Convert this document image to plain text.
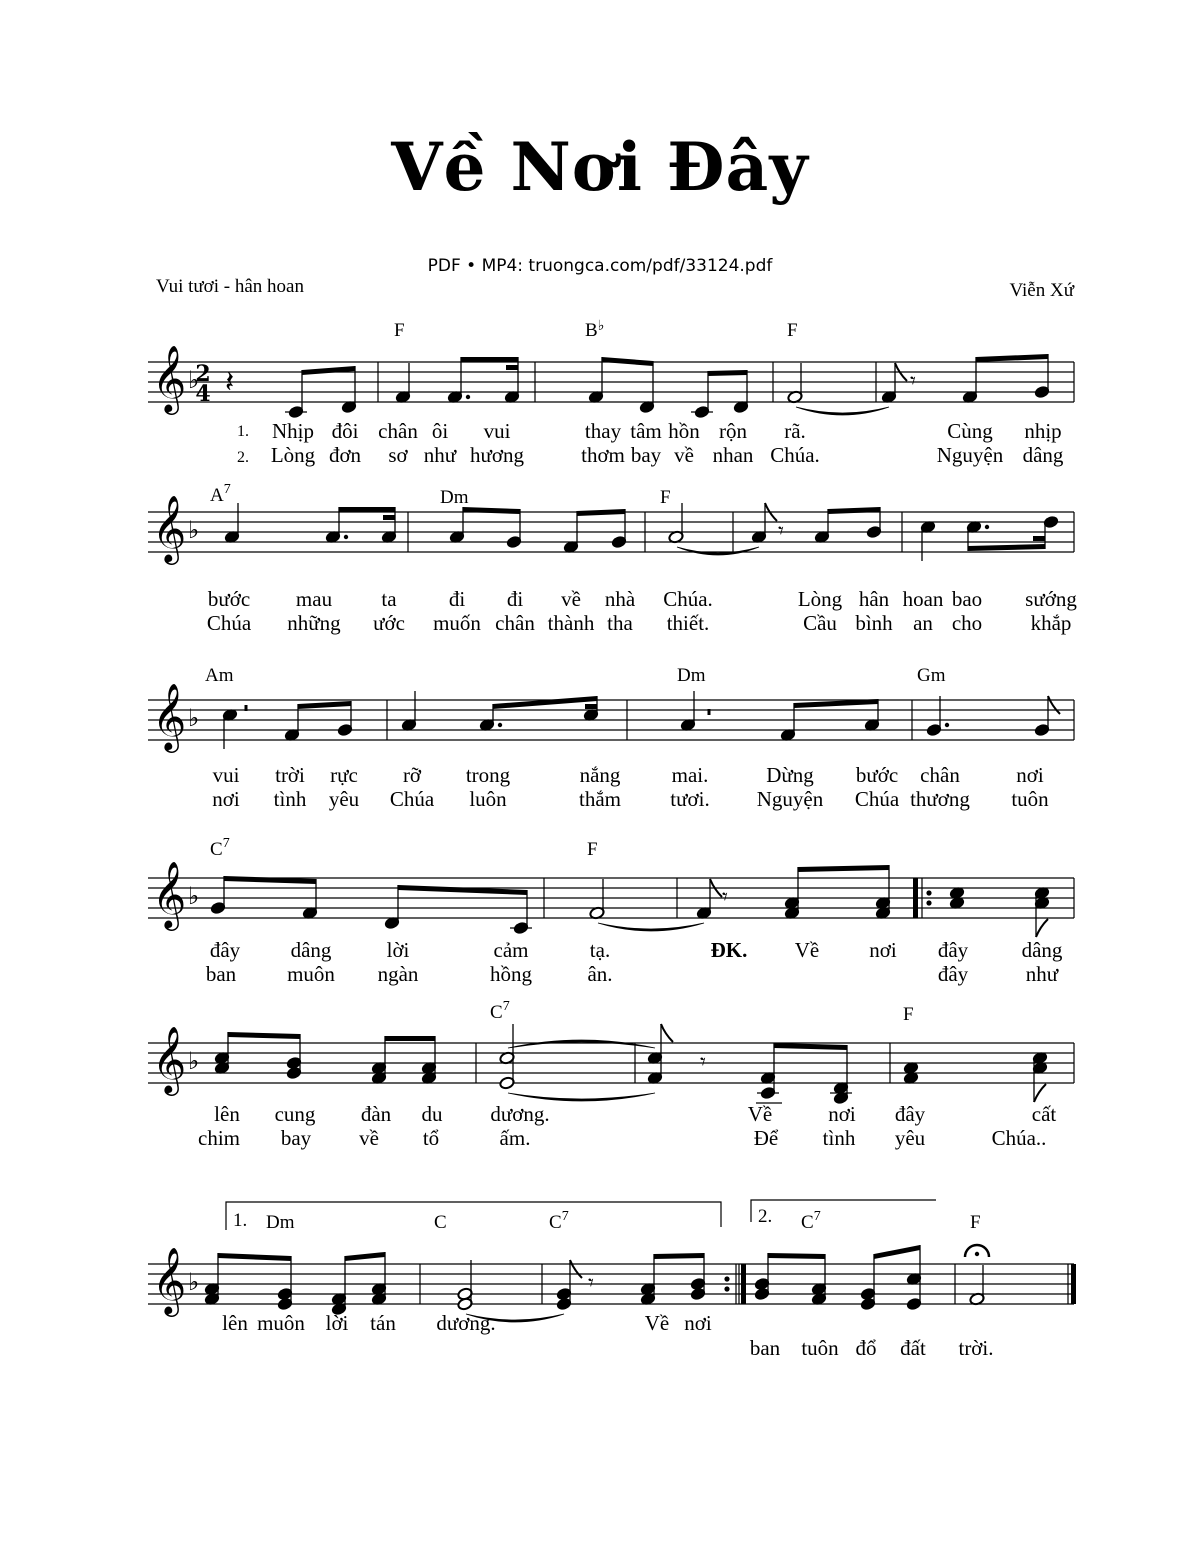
Về Nơi Đây
PDF • MP4: truongca.com/pdf/33124.pdf
Vui tươi - hân hoan	Viễn Xứ
𝄞 ♭
2
4 𝄽	𝄾
F	B♭	F
1.
2.
Nhịp đôi chân ôi vui	thay tâm hồn rộn rã.	Cùng nhịp
Lòng đơn sơ như hương	thơm bay về nhan Chúa.	Nguyện dâng
𝄞 ♭	𝄾
$A^7$	Dm	F
bước mau ta đi đi về nhà Chúa.	Lòng hân hoan bao sướng
Chúa những ước muốn chân thành tha thiết.	Cầu bình an cho khắp
𝄞 ♭
Am	Dm	Gm
vui trời rực rỡ trong	nắng mai.	Dừng bước chân	nơi
nơi tình yêu Chúa luôn	thắm tươi. Nguyện Chúa thương tuôn
𝄞 ♭	𝄾
$C^7$	F
đây dâng	lời	cảm	tạ.	ĐK. Về nơi đây	dâng
ban muôn ngàn	hồng	ân.	đây	như
𝄞 ♭	𝄾
$C^7$	F
lên cung đàn du dương.	Về	nơi đây	cất
chim bay về tổ	ấm.	Để tình yêu	Chúa..
𝄞 ♭	𝄾
1.	2.
Dm	C	$C^7$	$C^7$	F
lên muôn lời tán dương.	Về nơi
ban tuôn đổ đất trời.
